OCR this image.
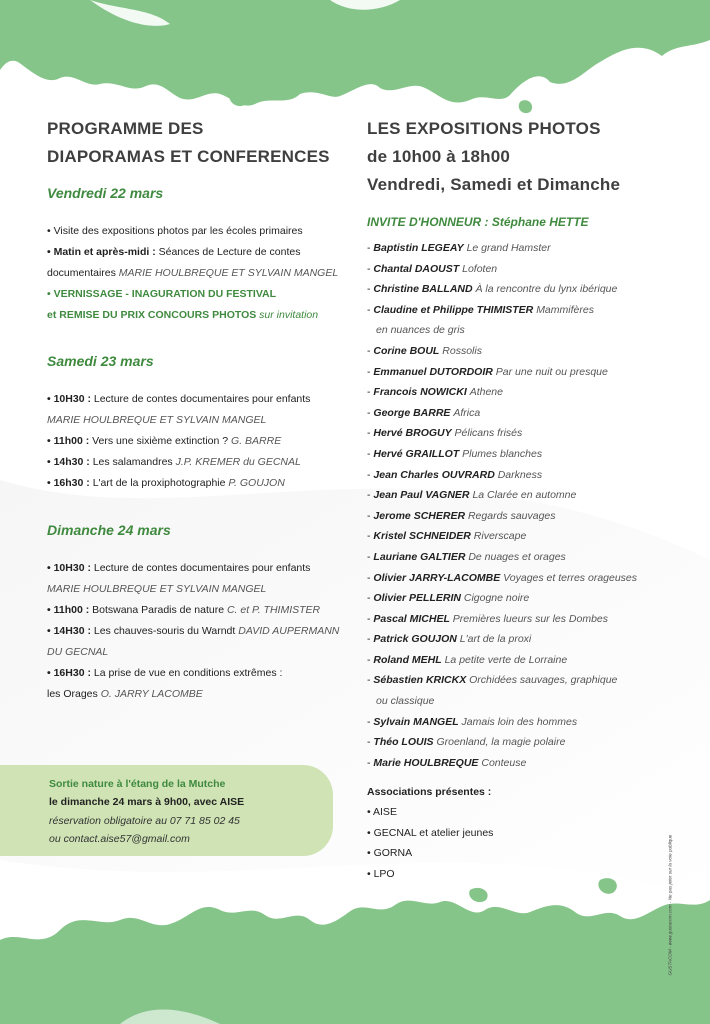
PROGRAMME DES
DIAPORAMAS ET CONFERENCES
Vendredi 22 mars
• Visite des expositions photos par les écoles primaires
• Matin et après-midi : Séances de Lecture de contes
documentaires MARIE HOULBREQUE ET SYLVAIN MANGEL
• VERNISSAGE - INAGURATION DU FESTIVAL
et REMISE DU PRIX CONCOURS PHOTOS sur invitation
Samedi 23 mars
• 10H30 : Lecture de contes documentaires pour enfants
MARIE HOULBREQUE ET SYLVAIN MANGEL
• 11h00 : Vers une sixième extinction ? G. BARRE
• 14h30 : Les salamandres J.P. KREMER du GECNAL
• 16h30 : L'art de la proxiphotographie P. GOUJON
Dimanche 24 mars
• 10H30 : Lecture de contes documentaires pour enfants
MARIE HOULBREQUE ET SYLVAIN MANGEL
• 11h00 : Botswana Paradis de nature C. et P. THIMISTER
• 14H30 : Les chauves-souris du Warndt DAVID AUPERMANN
DU GECNAL
• 16H30 : La prise de vue en conditions extrêmes :
les Orages O. JARRY LACOMBE
Sortie nature à l'étang de la Mutche
le dimanche 24 mars à 9h00, avec AISE
réservation obligatoire au 07 71 85 02 45
ou contact.aise57@gmail.com
LES EXPOSITIONS PHOTOS
de 10h00 à 18h00
Vendredi, Samedi et Dimanche
INVITE D'HONNEUR : Stéphane HETTE
- Baptistin LEGEAY Le grand Hamster
- Chantal DAOUST Lofoten
- Christine BALLAND À la rencontre du lynx ibérique
- Claudine et Philippe THIMISTER Mammifères
en nuances de gris
- Corine BOUL Rossolis
- Emmanuel DUTORDOIR Par une nuit ou presque
- Francois NOWICKI Athene
- George BARRE Africa
- Hervé BROGUY Pélicans frisés
- Hervé GRAILLOT Plumes blanches
- Jean Charles OUVRARD Darkness
- Jean Paul VAGNER La Clarée en automne
- Jerome SCHERER Regards sauvages
- Kristel SCHNEIDER Riverscape
- Lauriane GALTIER De nuages et orages
- Olivier JARRY-LACOMBE Voyages et terres orageuses
- Olivier PELLERIN Cigogne noire
- Pascal MICHEL Premières lueurs sur les Dombes
- Patrick GOUJON L'art de la proxi
- Roland MEHL La petite verte de Lorraine
- Sébastien KRICKX Orchidées sauvages, graphique
ou classique
- Sylvain MANGEL Jamais loin des hommes
- Théo LOUIS Groenland, la magie polaire
- Marie HOULBREQUE Conteuse
Associations présentes :
• AISE
• GECNAL et atelier jeunes
• GORNA
• LPO	GUSTACOM - www.gustacom.com - Ne pas jeter sur la voie publique
